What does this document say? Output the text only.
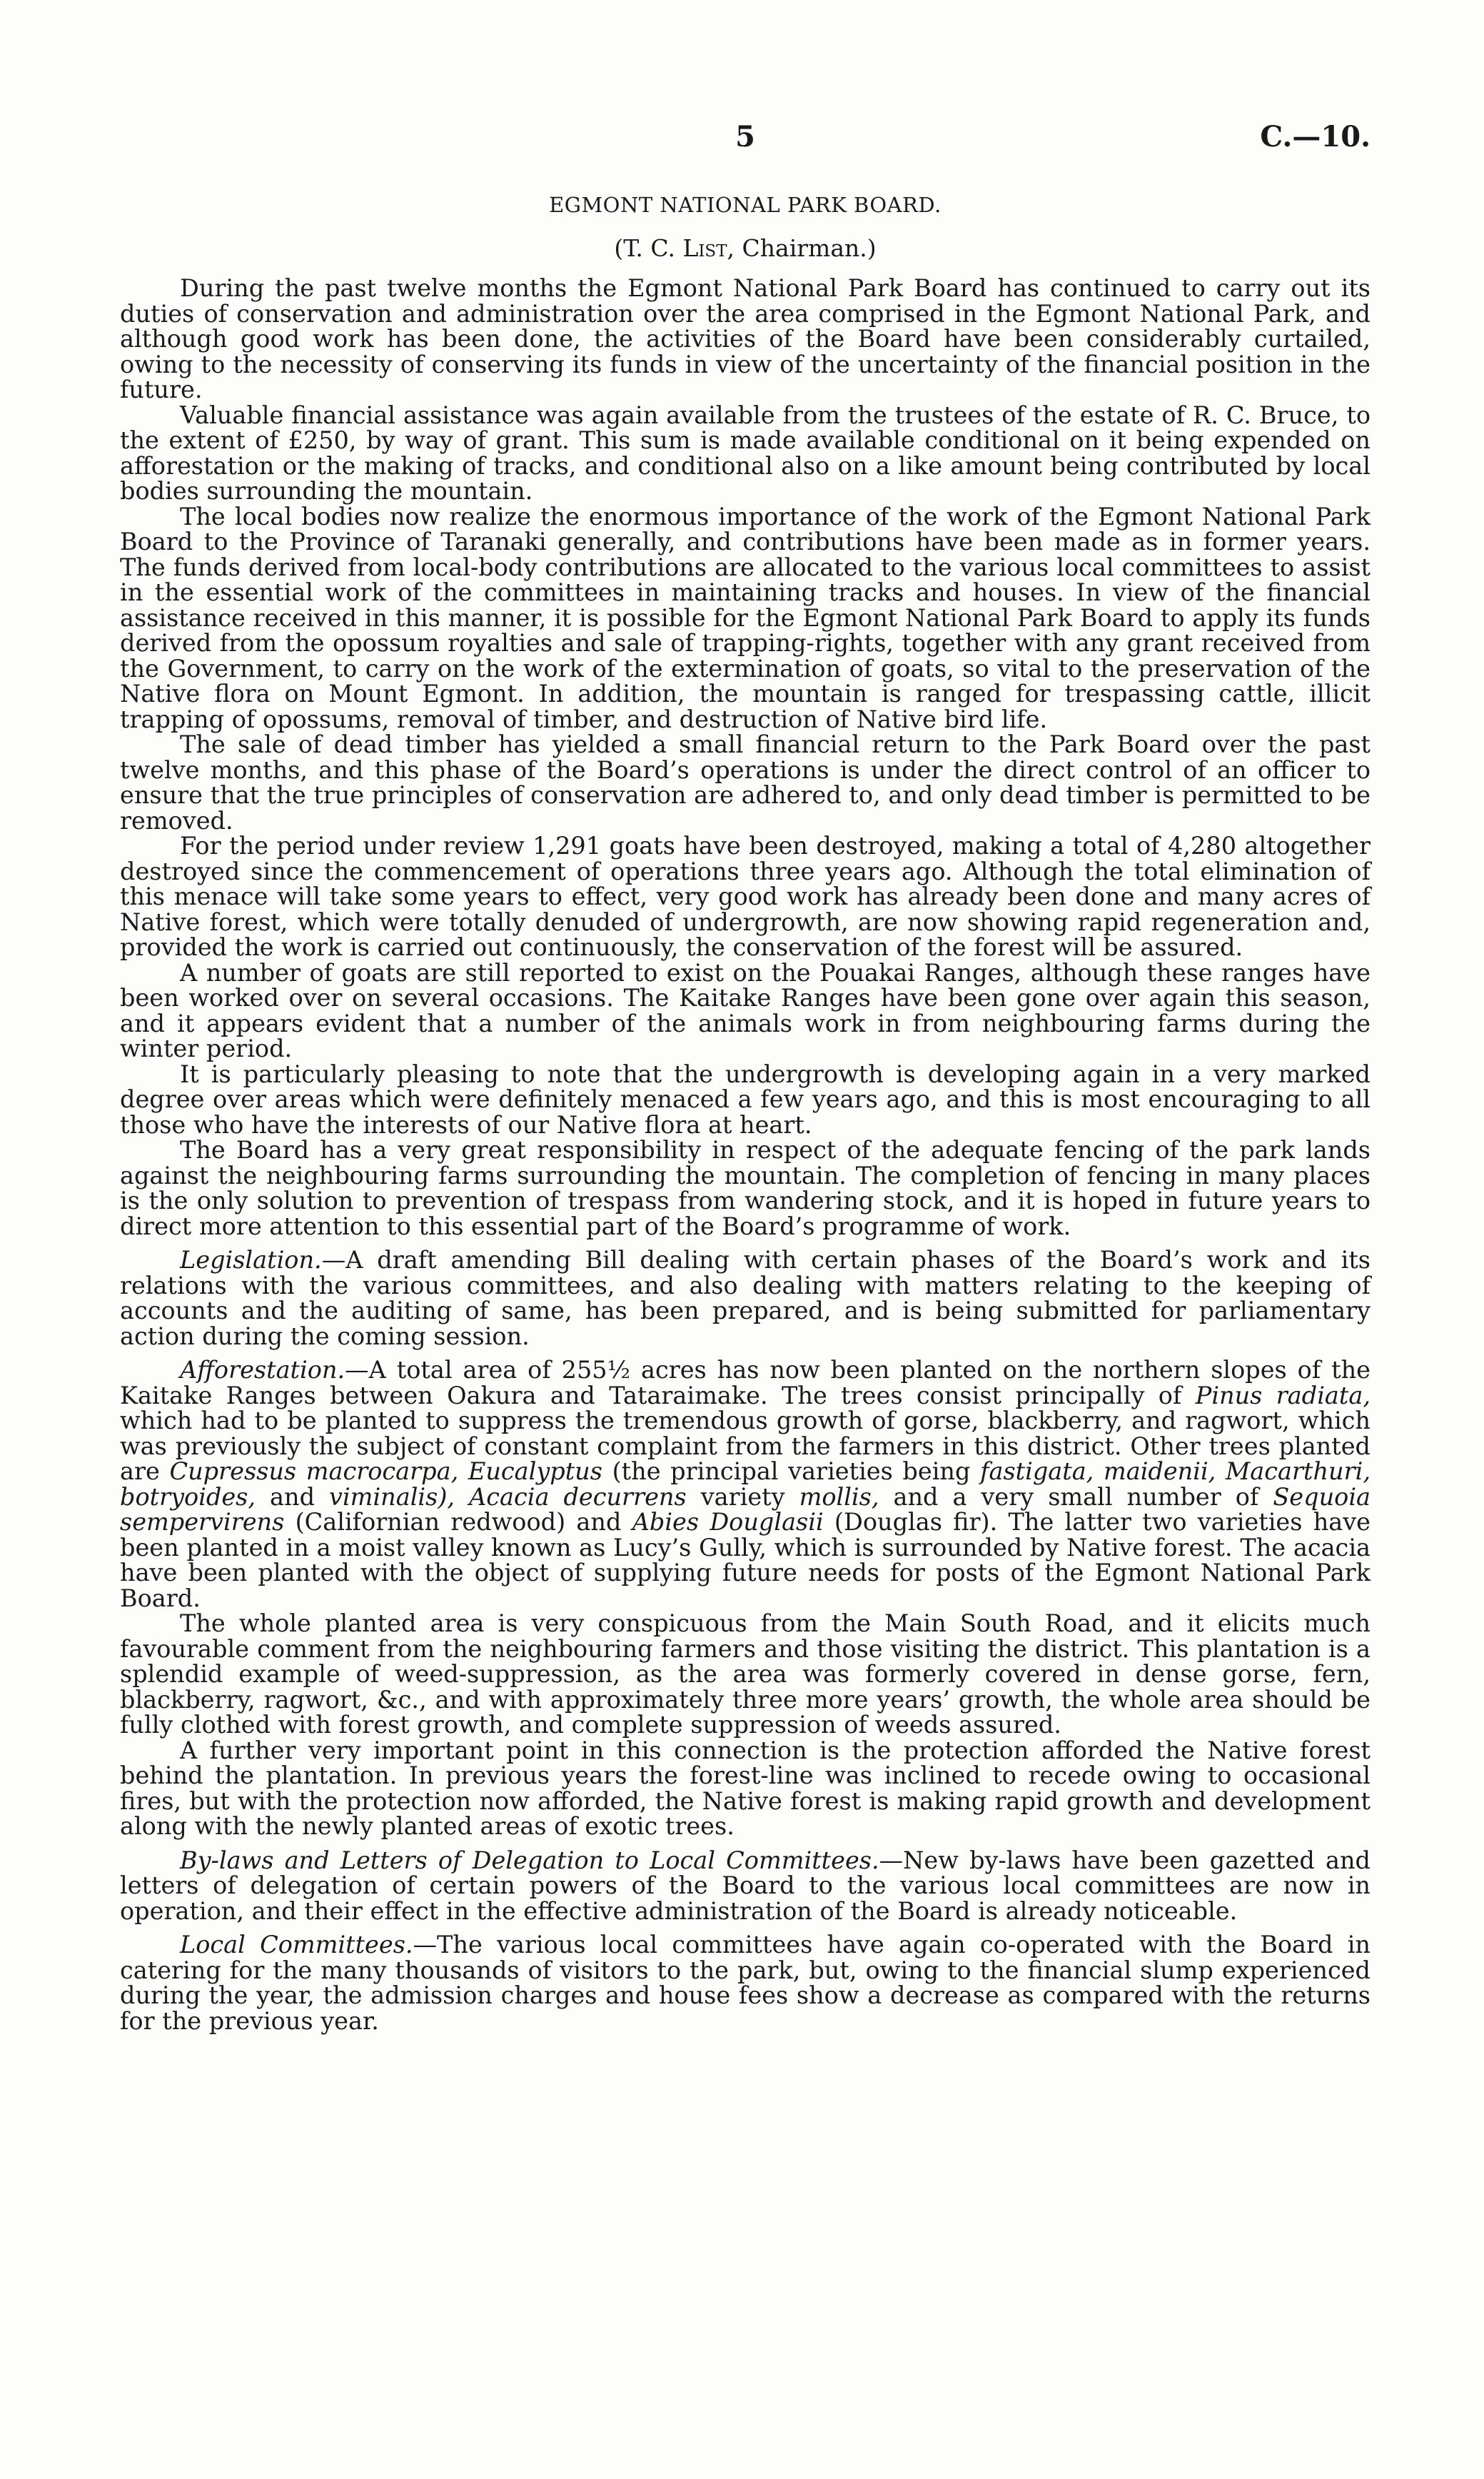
5	C.—10.
EGMONT NATIONAL PARK BOARD.
(T. C. List, Chairman.)

During the past twelve months the Egmont National Park Board has continued to carry out its duties of conservation and administration over the area comprised in the Egmont National Park, and although good work has been done, the activities of the Board have been considerably curtailed, owing to the necessity of conserving its funds in view of the uncertainty of the financial position in the future.

Valuable financial assistance was again available from the trustees of the estate of R. C. Bruce, to the extent of £250, by way of grant. This sum is made available conditional on it being expended on afforestation or the making of tracks, and conditional also on a like amount being contributed by local bodies surrounding the mountain.

The local bodies now realize the enormous importance of the work of the Egmont National Park Board to the Province of Taranaki generally, and contributions have been made as in former years. The funds derived from local-body contributions are allocated to the various local committees to assist in the essential work of the committees in maintaining tracks and houses. In view of the financial assistance received in this manner, it is possible for the Egmont National Park Board to apply its funds derived from the opossum royalties and sale of trapping-rights, together with any grant received from the Government, to carry on the work of the extermination of goats, so vital to the preservation of the Native flora on Mount Egmont. In addition, the mountain is ranged for trespassing cattle, illicit trapping of opossums, removal of timber, and destruction of Native bird life.

The sale of dead timber has yielded a small financial return to the Park Board over the past twelve months, and this phase of the Board’s operations is under the direct control of an officer to ensure that the true principles of conservation are adhered to, and only dead timber is permitted to be removed.

For the period under review 1,291 goats have been destroyed, making a total of 4,280 altogether destroyed since the commencement of operations three years ago. Although the total elimination of this menace will take some years to effect, very good work has already been done and many acres of Native forest, which were totally denuded of undergrowth, are now showing rapid regeneration and, provided the work is carried out continuously, the conservation of the forest will be assured.

A number of goats are still reported to exist on the Pouakai Ranges, although these ranges have been worked over on several occasions. The Kaitake Ranges have been gone over again this season, and it appears evident that a number of the animals work in from neighbouring farms during the winter period.

It is particularly pleasing to note that the undergrowth is developing again in a very marked degree over areas which were definitely menaced a few years ago, and this is most encouraging to all those who have the interests of our Native flora at heart.

The Board has a very great responsibility in respect of the adequate fencing of the park lands against the neighbouring farms surrounding the mountain. The completion of fencing in many places is the only solution to prevention of trespass from wandering stock, and it is hoped in future years to direct more attention to this essential part of the Board’s programme of work.

Legislation.—A draft amending Bill dealing with certain phases of the Board’s work and its relations with the various committees, and also dealing with matters relating to the keeping of accounts and the auditing of same, has been prepared, and is being submitted for parliamentary action during the coming session.

Afforestation.—A total area of 255½ acres has now been planted on the northern slopes of the Kaitake Ranges between Oakura and Tataraimake. The trees consist principally of Pinus radiata, which had to be planted to suppress the tremendous growth of gorse, blackberry, and ragwort, which was previously the subject of constant complaint from the farmers in this district. Other trees planted are Cupressus macrocarpa, Eucalyptus (the principal varieties being fastigata, maidenii, Macarthuri, botryoides, and viminalis), Acacia decurrens variety mollis, and a very small number of Sequoia sempervirens (Californian redwood) and Abies Douglasii (Douglas fir). The latter two varieties have been planted in a moist valley known as Lucy’s Gully, which is surrounded by Native forest. The acacia have been planted with the object of supplying future needs for posts of the Egmont National Park Board.

The whole planted area is very conspicuous from the Main South Road, and it elicits much favourable comment from the neighbouring farmers and those visiting the district. This plantation is a splendid example of weed-suppression, as the area was formerly covered in dense gorse, fern, blackberry, ragwort, &c., and with approximately three more years’ growth, the whole area should be fully clothed with forest growth, and complete suppression of weeds assured.

A further very important point in this connection is the protection afforded the Native forest behind the plantation. In previous years the forest-line was inclined to recede owing to occasional fires, but with the protection now afforded, the Native forest is making rapid growth and development along with the newly planted areas of exotic trees.

By-laws and Letters of Delegation to Local Committees.—New by-laws have been gazetted and letters of delegation of certain powers of the Board to the various local committees are now in operation, and their effect in the effective administration of the Board is already noticeable.

Local Committees.—The various local committees have again co-operated with the Board in catering for the many thousands of visitors to the park, but, owing to the financial slump experienced during the year, the admission charges and house fees show a decrease as compared with the returns for the previous year.
